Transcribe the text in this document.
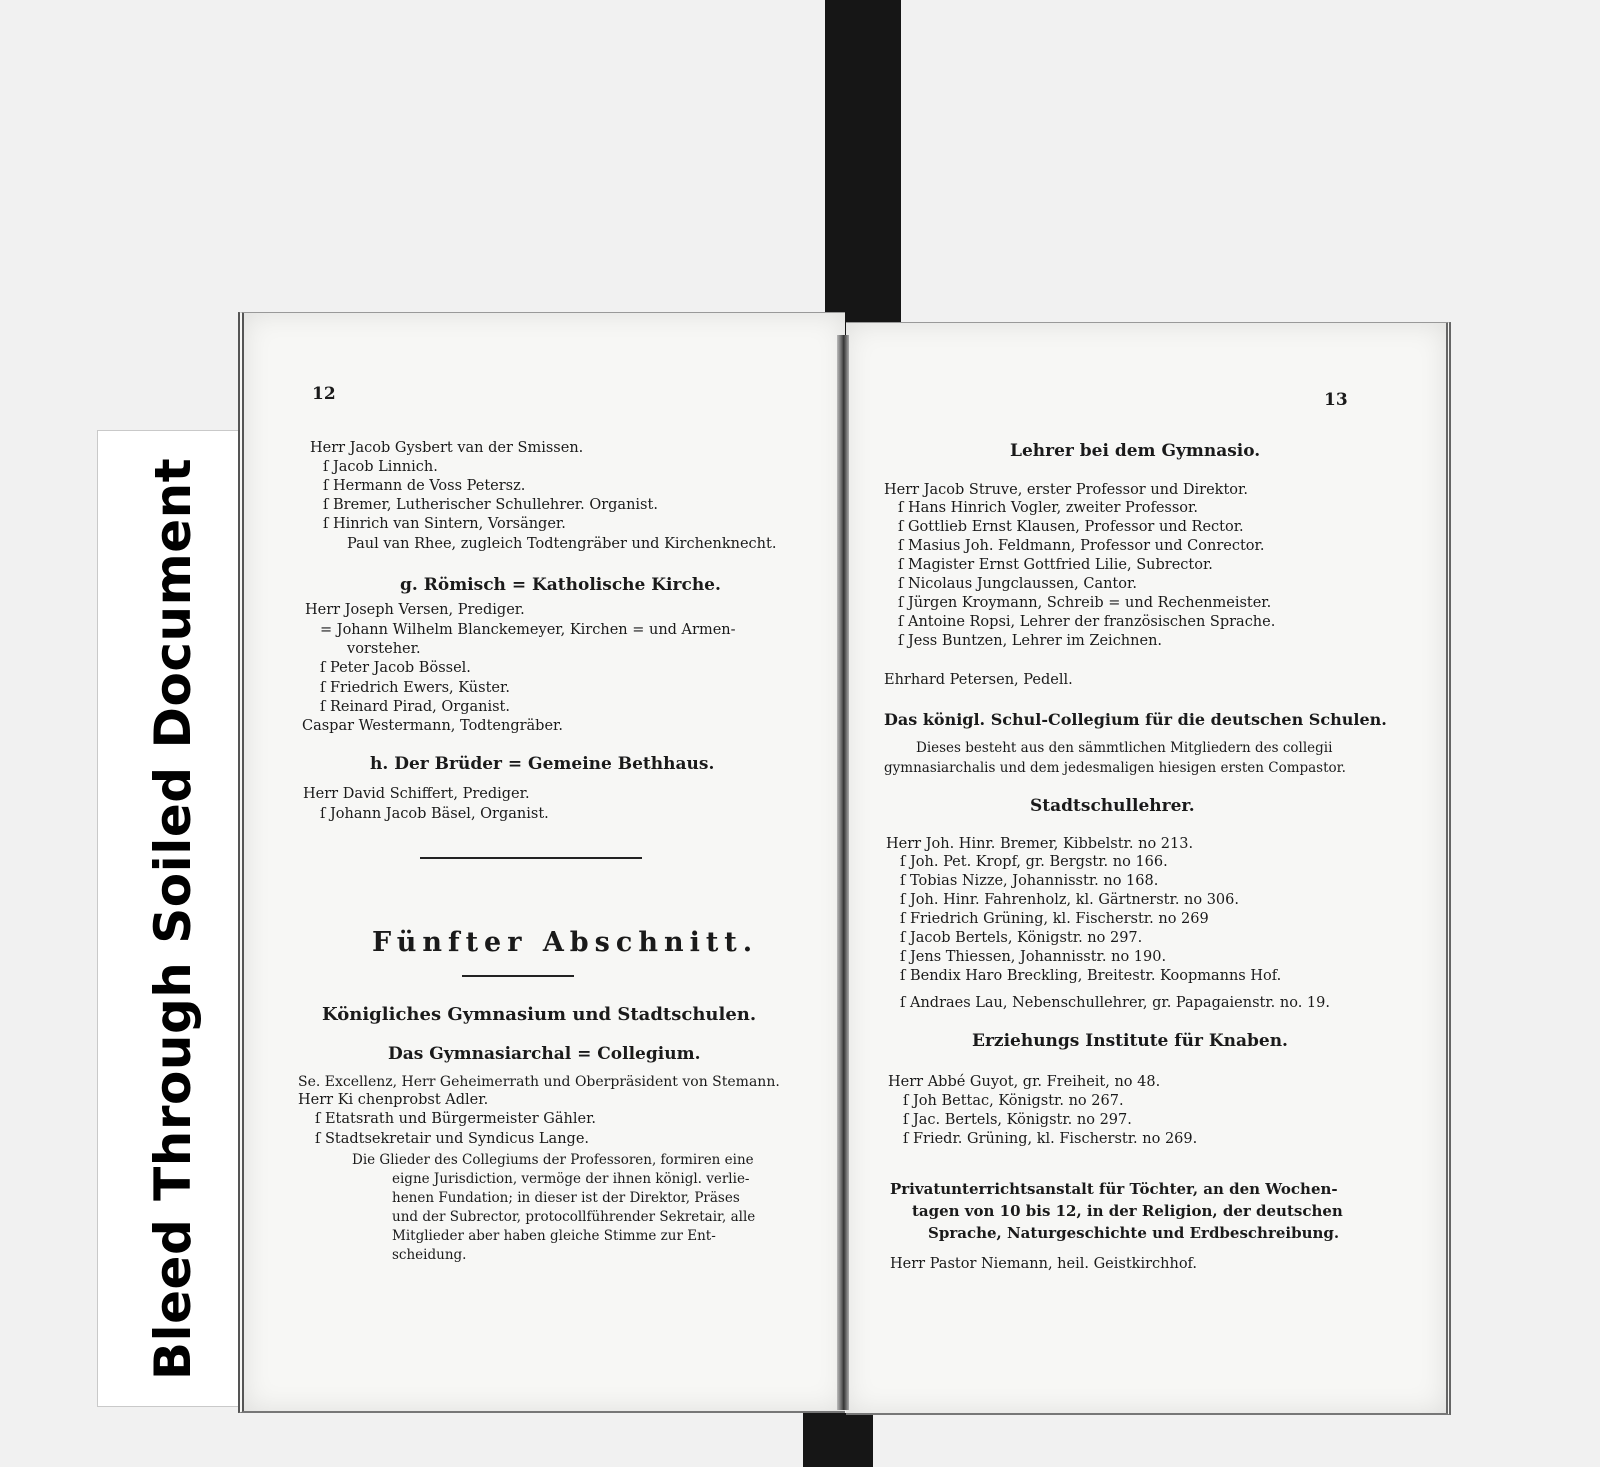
Bleed Through Soiled Document
12
Herr Jacob Gysbert van der Smissen.
ſ Jacob Linnich.
ſ Hermann de Voss Petersz.
ſ Bremer, Lutherischer Schullehrer. Organist.
ſ Hinrich van Sintern, Vorsänger.
Paul van Rhee, zugleich Todtengräber und Kirchenknecht.
g. Römisch = Katholische Kirche.
Herr Joseph Versen, Prediger.
= Johann Wilhelm Blanckemeyer, Kirchen = und Armen-
vorsteher.
ſ Peter Jacob Bössel.
ſ Friedrich Ewers, Küster.
ſ Reinard Pirad, Organist.
Caspar Westermann, Todtengräber.
h. Der Brüder = Gemeine Bethhaus.
Herr David Schiffert, Prediger.
ſ Johann Jacob Bäsel, Organist.
Fünfter Abschnitt.
Königliches Gymnasium und Stadtschulen.
Das Gymnasiarchal = Collegium.
Se. Excellenz, Herr Geheimerrath und Oberpräsident von Stemann.
Herr Ki chenprobst Adler.
ſ Etatsrath und Bürgermeister Gähler.
ſ Stadtsekretair und Syndicus Lange.
Die Glieder des Collegiums der Professoren, formiren eine
eigne Jurisdiction, vermöge der ihnen königl. verlie-
henen Fundation; in dieser ist der Direktor, Präses
und der Subrector, protocollführender Sekretair, alle
Mitglieder aber haben gleiche Stimme zur Ent-
scheidung.
13
Lehrer bei dem Gymnasio.
Herr Jacob Struve, erster Professor und Direktor.
ſ Hans Hinrich Vogler, zweiter Professor.
ſ Gottlieb Ernst Klausen, Professor und Rector.
ſ Masius Joh. Feldmann, Professor und Conrector.
ſ Magister Ernst Gottfried Lilie, Subrector.
ſ Nicolaus Jungclaussen, Cantor.
ſ Jürgen Kroymann, Schreib = und Rechenmeister.
ſ Antoine Ropsi, Lehrer der französischen Sprache.
ſ Jess Buntzen, Lehrer im Zeichnen.
Ehrhard Petersen, Pedell.
Das königl. Schul-Collegium für die deutschen Schulen.
Dieses besteht aus den sämmtlichen Mitgliedern des collegii
gymnasiarchalis und dem jedesmaligen hiesigen ersten Compastor.
Stadtschullehrer.
Herr Joh. Hinr. Bremer, Kibbelstr. no 213.
ſ Joh. Pet. Kropf, gr. Bergstr. no 166.
ſ Tobias Nizze, Johannisstr. no 168.
ſ Joh. Hinr. Fahrenholz, kl. Gärtnerstr. no 306.
ſ Friedrich Grüning, kl. Fischerstr. no 269
ſ Jacob Bertels, Königstr. no 297.
ſ Jens Thiessen, Johannisstr. no 190.
ſ Bendix Haro Breckling, Breitestr. Koopmanns Hof.
ſ Andraes Lau, Nebenschullehrer, gr. Papagaienstr. no. 19.
Erziehungs Institute für Knaben.
Herr Abbé Guyot, gr. Freiheit, no 48.
ſ Joh Bettac, Königstr. no 267.
ſ Jac. Bertels, Königstr. no 297.
ſ Friedr. Grüning, kl. Fischerstr. no 269.
Privatunterrichtsanstalt für Töchter, an den Wochen-
tagen von 10 bis 12, in der Religion, der deutschen
Sprache, Naturgeschichte und Erdbeschreibung.
Herr Pastor Niemann, heil. Geistkirchhof.
